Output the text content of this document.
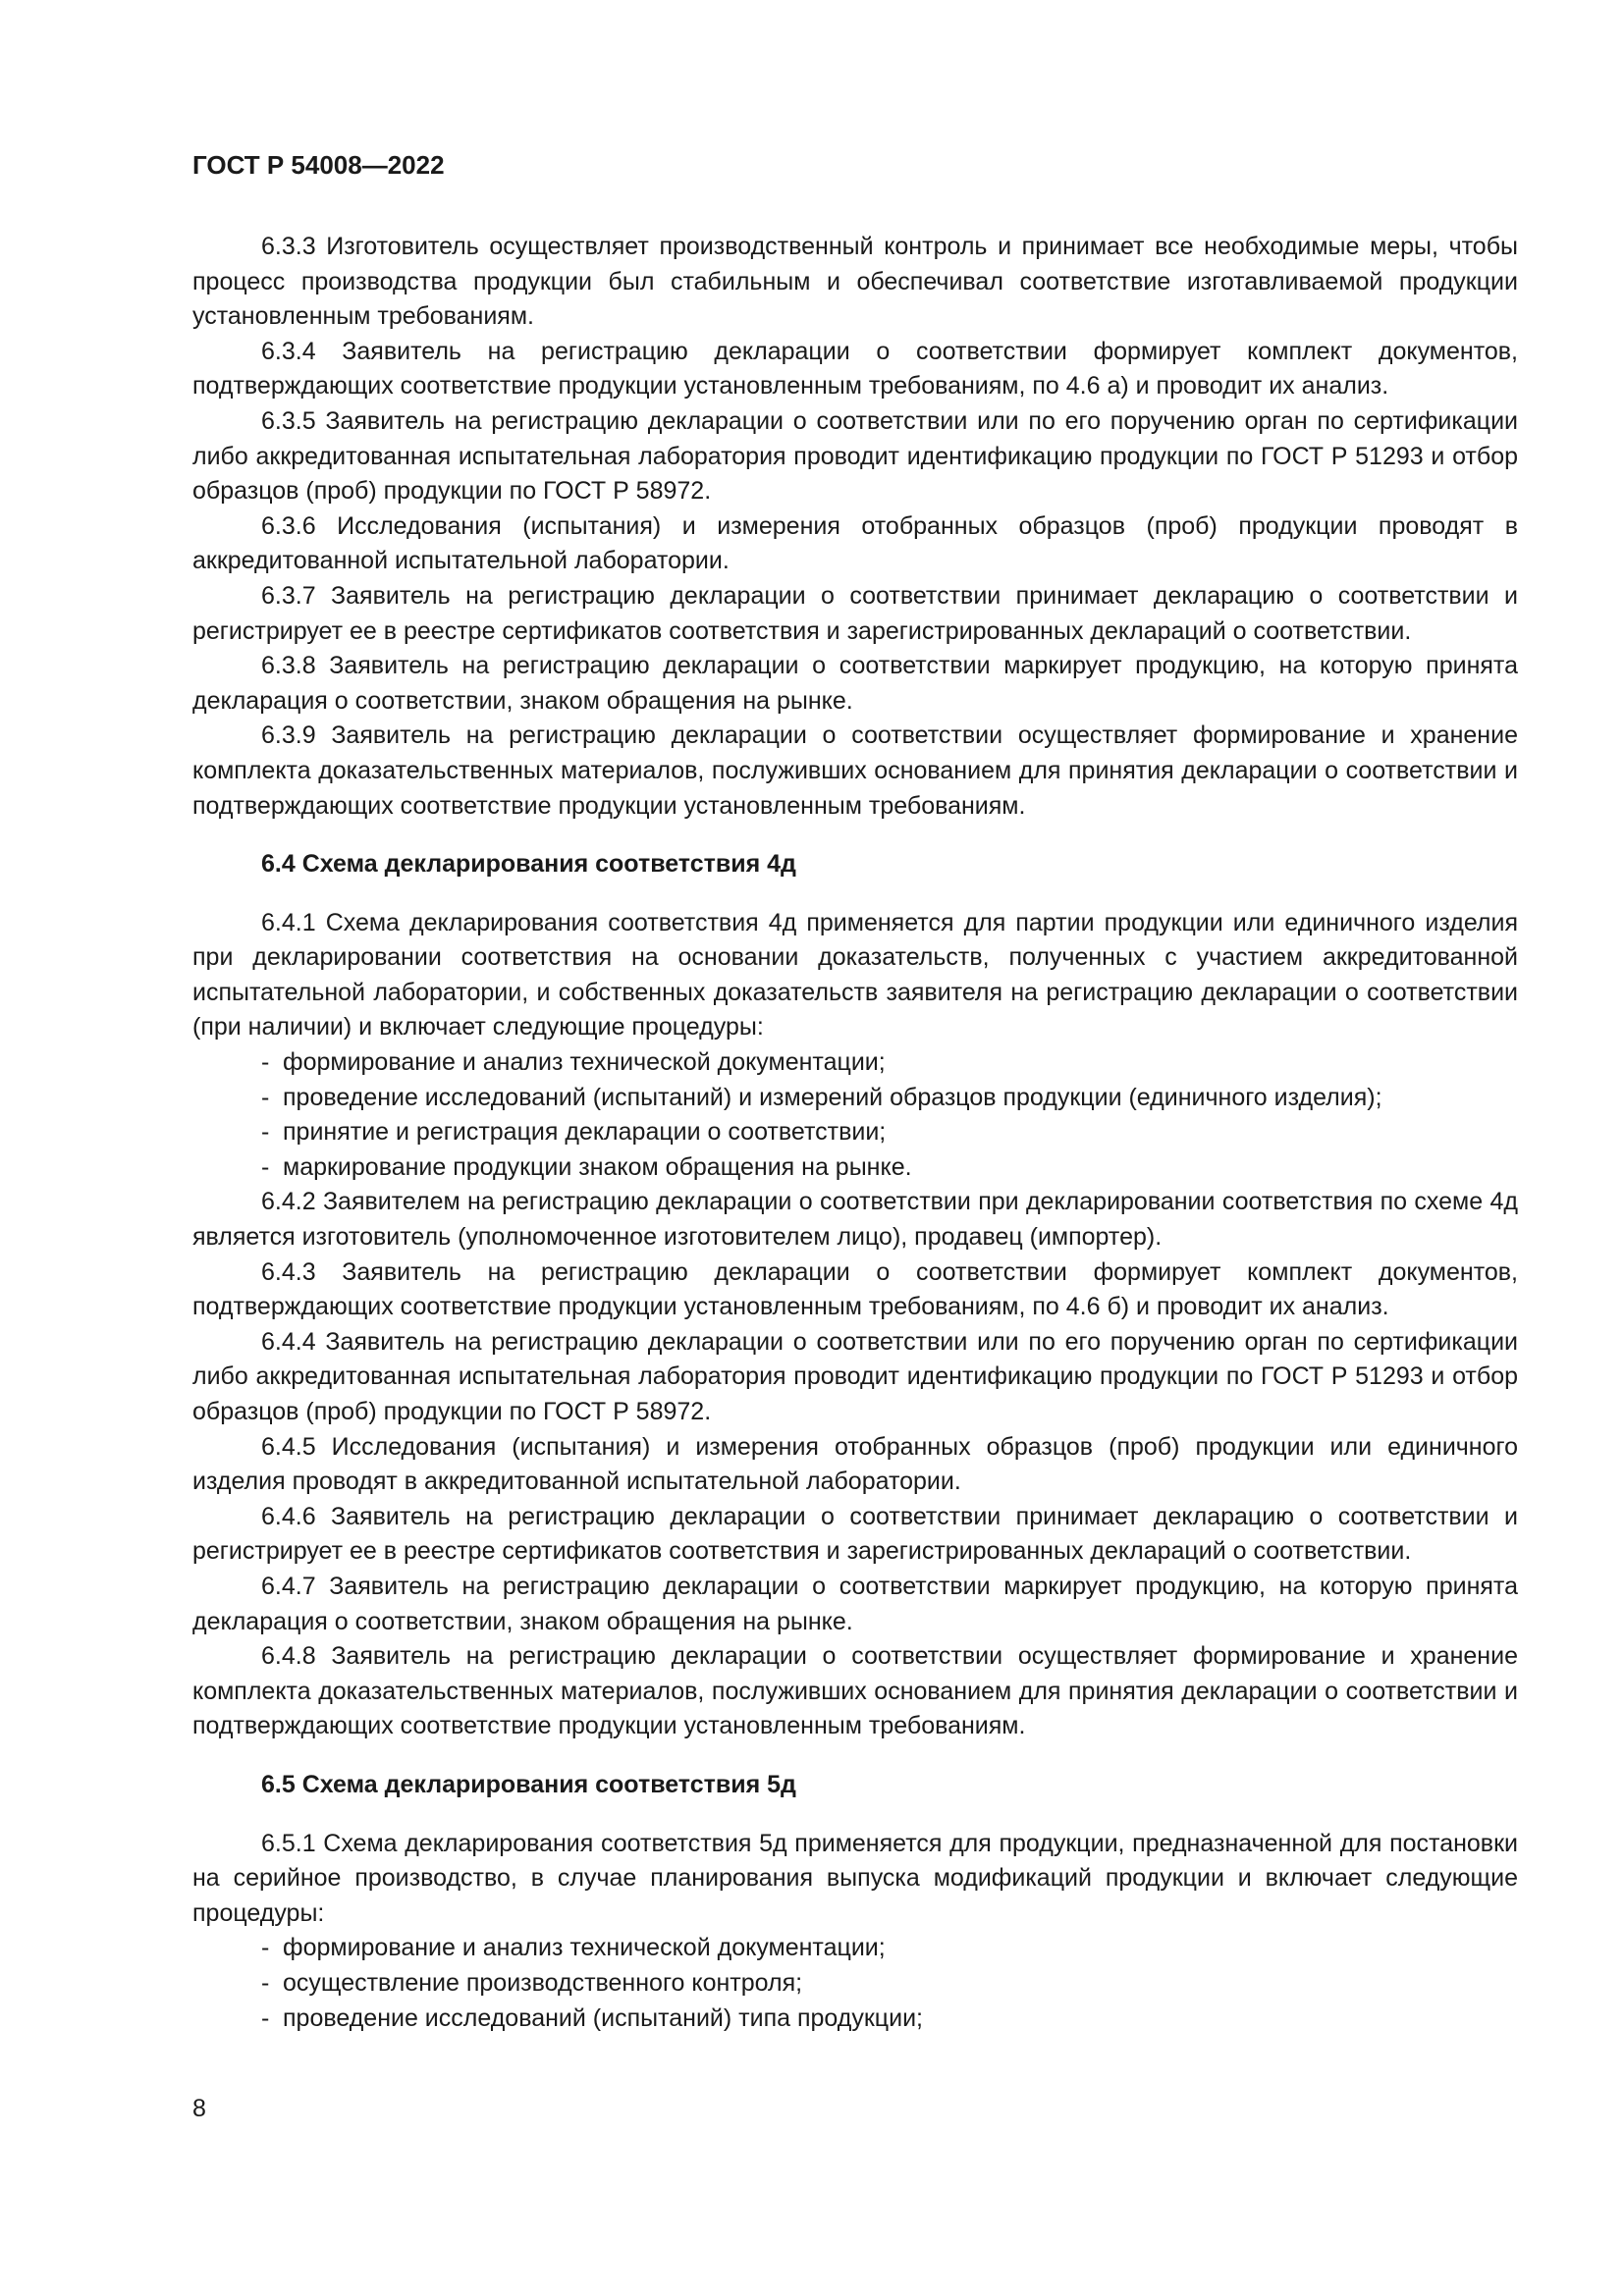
ГОСТ Р 54008—2022

6.3.3 Изготовитель осуществляет производственный контроль и принимает все необходимые меры, чтобы процесс производства продукции был стабильным и обеспечивал соответствие изготавливаемой продукции установленным требованиям.

6.3.4 Заявитель на регистрацию декларации о соответствии формирует комплект документов, подтверждающих соответствие продукции установленным требованиям, по 4.6 а) и проводит их анализ.

6.3.5 Заявитель на регистрацию декларации о соответствии или по его поручению орган по сертификации либо аккредитованная испытательная лаборатория проводит идентификацию продукции по ГОСТ Р 51293 и отбор образцов (проб) продукции по ГОСТ Р 58972.

6.3.6 Исследования (испытания) и измерения отобранных образцов (проб) продукции проводят в аккредитованной испытательной лаборатории.

6.3.7 Заявитель на регистрацию декларации о соответствии принимает декларацию о соответствии и регистрирует ее в реестре сертификатов соответствия и зарегистрированных деклараций о соответствии.

6.3.8 Заявитель на регистрацию декларации о соответствии маркирует продукцию, на которую принята декларация о соответствии, знаком обращения на рынке.

6.3.9 Заявитель на регистрацию декларации о соответствии осуществляет формирование и хранение комплекта доказательственных материалов, послуживших основанием для принятия декларации о соответствии и подтверждающих соответствие продукции установленным требованиям.

6.4 Схема декларирования соответствия 4д

6.4.1 Схема декларирования соответствия 4д применяется для партии продукции или единичного изделия при декларировании соответствия на основании доказательств, полученных с участием аккредитованной испытательной лаборатории, и собственных доказательств заявителя на регистрацию декларации о соответствии (при наличии) и включает следующие процедуры:

- формирование и анализ технической документации;
- проведение исследований (испытаний) и измерений образцов продукции (единичного изделия);
- принятие и регистрация декларации о соответствии;
- маркирование продукции знаком обращения на рынке.

6.4.2 Заявителем на регистрацию декларации о соответствии при декларировании соответствия по схеме 4д является изготовитель (уполномоченное изготовителем лицо), продавец (импортер).

6.4.3 Заявитель на регистрацию декларации о соответствии формирует комплект документов, подтверждающих соответствие продукции установленным требованиям, по 4.6 б) и проводит их анализ.

6.4.4 Заявитель на регистрацию декларации о соответствии или по его поручению орган по сертификации либо аккредитованная испытательная лаборатория проводит идентификацию продукции по ГОСТ Р 51293 и отбор образцов (проб) продукции по ГОСТ Р 58972.

6.4.5 Исследования (испытания) и измерения отобранных образцов (проб) продукции или единичного изделия проводят в аккредитованной испытательной лаборатории.

6.4.6 Заявитель на регистрацию декларации о соответствии принимает декларацию о соответствии и регистрирует ее в реестре сертификатов соответствия и зарегистрированных деклараций о соответствии.

6.4.7 Заявитель на регистрацию декларации о соответствии маркирует продукцию, на которую принята декларация о соответствии, знаком обращения на рынке.

6.4.8 Заявитель на регистрацию декларации о соответствии осуществляет формирование и хранение комплекта доказательственных материалов, послуживших основанием для принятия декларации о соответствии и подтверждающих соответствие продукции установленным требованиям.

6.5 Схема декларирования соответствия 5д

6.5.1 Схема декларирования соответствия 5д применяется для продукции, предназначенной для постановки на серийное производство, в случае планирования выпуска модификаций продукции и включает следующие процедуры:

- формирование и анализ технической документации;
- осуществление производственного контроля;
- проведение исследований (испытаний) типа продукции;
8
